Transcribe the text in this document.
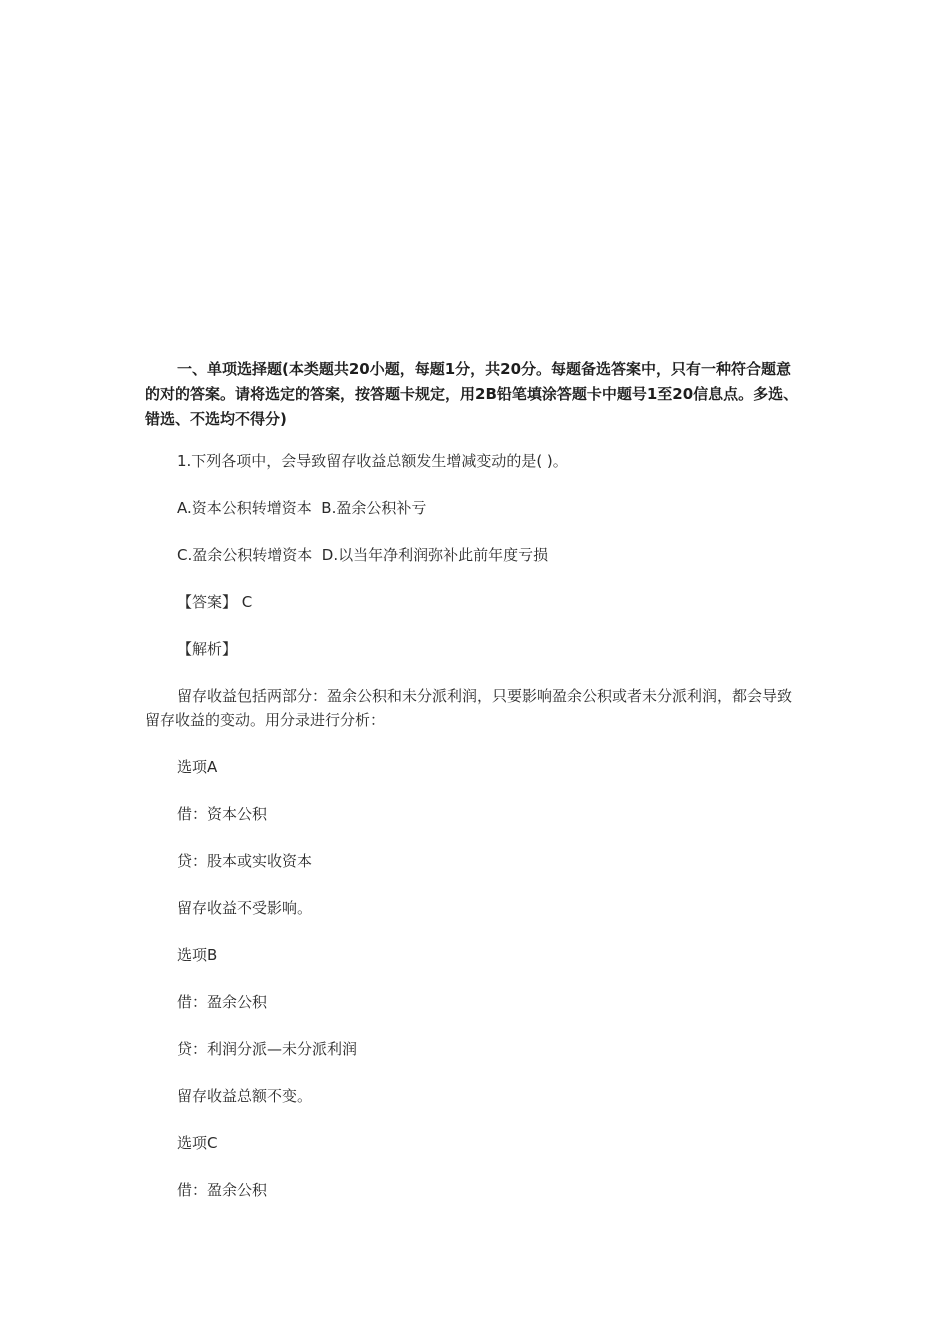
一、单项选择题(本类题共20小题，每题1分，共20分。每题备选答案中，只有一种符合题意的对的答案。请将选定的答案，按答题卡规定，用2B铅笔填涂答题卡中题号1至20信息点。多选、错选、不选均不得分)

1.下列各项中，会导致留存收益总额发生增减变动的是( )。

A.资本公积转增资本  B.盈余公积补亏

C.盈余公积转增资本  D.以当年净利润弥补此前年度亏损

【答案】 C

【解析】

留存收益包括两部分：盈余公积和未分派利润，只要影响盈余公积或者未分派利润，都会导致留存收益的变动。用分录进行分析：

选项A

借：资本公积

贷：股本或实收资本

留存收益不受影响。

选项B

借：盈余公积

贷：利润分派—未分派利润

留存收益总额不变。

选项C

借：盈余公积
